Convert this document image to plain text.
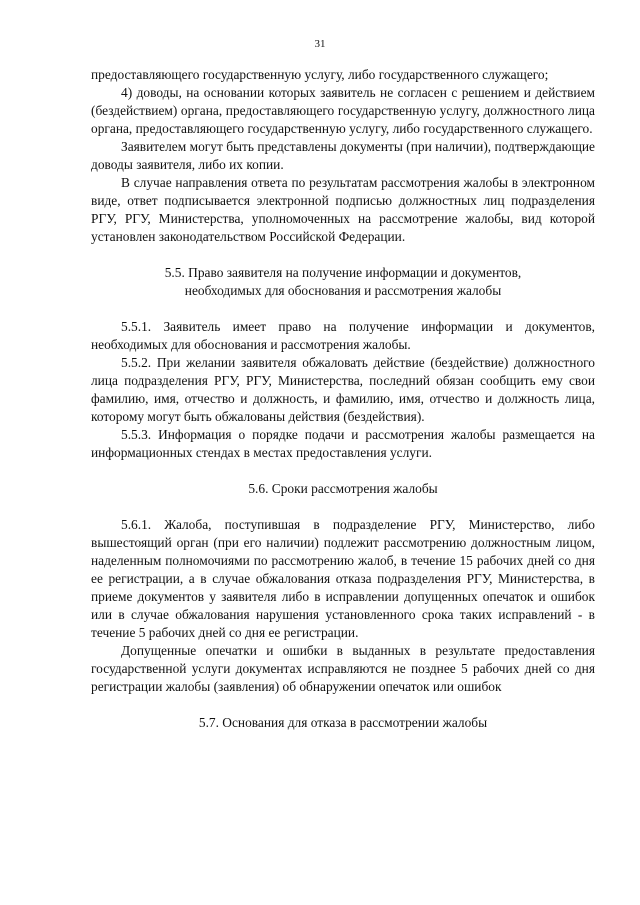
31

предоставляющего государственную услугу, либо государственного служащего;

4) доводы, на основании которых заявитель не согласен с решением и действием (бездействием) органа, предоставляющего государственную услугу, должностного лица органа, предоставляющего государственную услугу, либо государственного служащего.

Заявителем могут быть представлены документы (при наличии), подтверждающие доводы заявителя, либо их копии.

В случае направления ответа по результатам рассмотрения жалобы в электронном виде, ответ подписывается электронной подписью должностных лиц подразделения РГУ, РГУ, Министерства, уполномоченных на рассмотрение жалобы, вид которой установлен законодательством Российской Федерации.

5.5. Право заявителя на получение информации и документов,

необходимых для обоснования и рассмотрения жалобы

5.5.1. Заявитель имеет право на получение информации и документов, необходимых для обоснования и рассмотрения жалобы.

5.5.2. При желании заявителя обжаловать действие (бездействие) должностного лица подразделения РГУ, РГУ, Министерства, последний обязан сообщить ему свои фамилию, имя, отчество и должность, и фамилию, имя, отчество и должность лица, которому могут быть обжалованы действия (бездействия).

5.5.3. Информация о порядке подачи и рассмотрения жалобы размещается на информационных стендах в местах предоставления услуги.

5.6. Сроки рассмотрения жалобы

5.6.1. Жалоба, поступившая в подразделение РГУ, Министерство, либо вышестоящий орган (при его наличии) подлежит рассмотрению должностным лицом, наделенным полномочиями по рассмотрению жалоб, в течение 15 рабочих дней со дня ее регистрации, а в случае обжалования отказа подразделения РГУ, Министерства, в приеме документов у заявителя либо в исправлении допущенных опечаток и ошибок или в случае обжалования нарушения установленного срока таких исправлений - в течение 5 рабочих дней со дня ее регистрации.

Допущенные опечатки и ошибки в выданных в результате предоставления государственной услуги документах исправляются не позднее 5 рабочих дней со дня регистрации жалобы (заявления) об обнаружении опечаток или ошибок

5.7. Основания для отказа в рассмотрении жалобы
